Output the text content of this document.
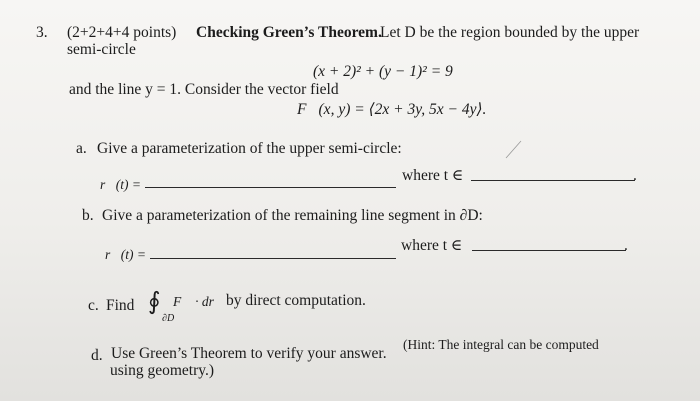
3. (2+2+4+4 points) Checking Green’s Theorem.
Let D be the region bounded by the upper
semi-circle
(x + 2)² + (y − 1)² = 9
and the line y = 1. Consider the vector field
F⃗(x, y) = ⟨2x + 3y, 5x − 4y⟩.
a. Give a parameterization of the upper semi-circle:
r⃗(t) =
where t ∈	.
b. Give a parameterization of the remaining line segment in ∂D:
r⃗(t) =
where t ∈	.
c. Find ∮
∂D
F⃗ · dr⃗ by direct computation.
d. Use Green’s Theorem to verify your answer.
(Hint: The integral can be computed
using geometry.)
